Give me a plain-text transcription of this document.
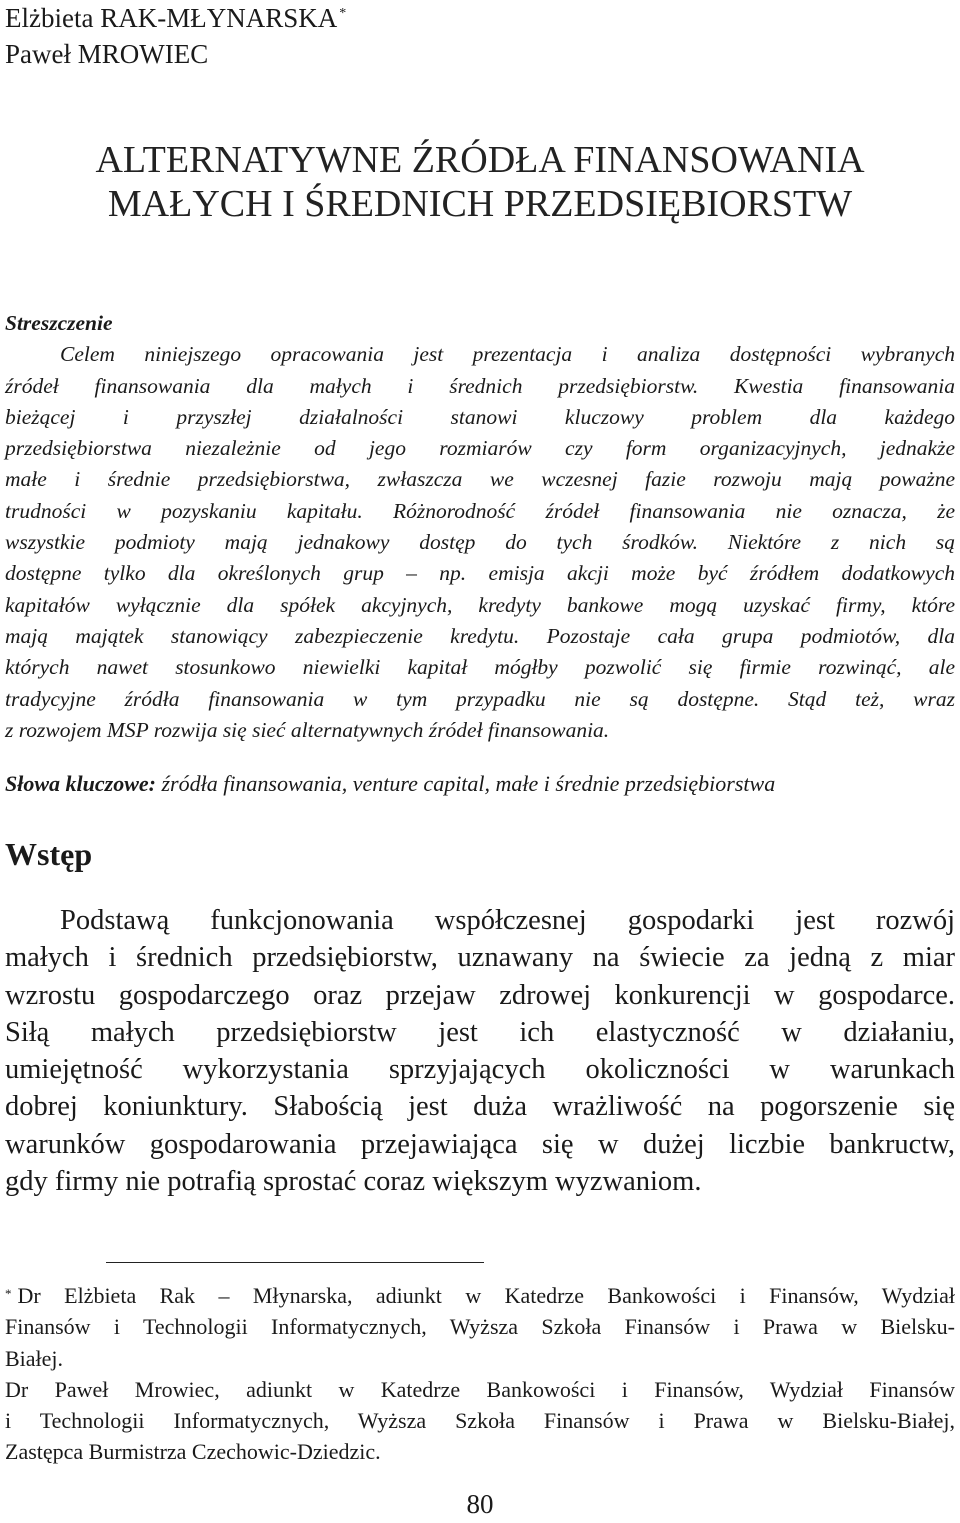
Elżbieta RAK-MŁYNARSKA *
Paweł MROWIEC
ALTERNATYWNE ŹRÓDŁA FINANSOWANIA
MAŁYCH I ŚREDNICH PRZEDSIĘBIORSTW
Streszczenie
Celem niniejszego opracowania jest prezentacja i analiza dostępności wybranych
źródeł finansowania dla małych i średnich przedsiębiorstw. Kwestia finansowania
bieżącej i przyszłej działalności stanowi kluczowy problem dla każdego
przedsiębiorstwa niezależnie od jego rozmiarów czy form organizacyjnych, jednakże
małe i średnie przedsiębiorstwa, zwłaszcza we wczesnej fazie rozwoju mają poważne
trudności w pozyskaniu kapitału. Różnorodność źródeł finansowania nie oznacza, że
wszystkie podmioty mają jednakowy dostęp do tych środków. Niektóre z nich są
dostępne tylko dla określonych grup – np. emisja akcji może być źródłem dodatkowych
kapitałów wyłącznie dla spółek akcyjnych, kredyty bankowe mogą uzyskać firmy, które
mają majątek stanowiący zabezpieczenie kredytu. Pozostaje cała grupa podmiotów, dla
których nawet stosunkowo niewielki kapitał mógłby pozwolić się firmie rozwinąć, ale
tradycyjne źródła finansowania w tym przypadku nie są dostępne. Stąd też, wraz
z rozwojem MSP rozwija się sieć alternatywnych źródeł finansowania.
Słowa kluczowe: źródła finansowania, venture capital, małe i średnie przedsiębiorstwa
Wstęp
Podstawą funkcjonowania współczesnej gospodarki jest rozwój
małych i średnich przedsiębiorstw, uznawany na świecie za jedną z miar
wzrostu gospodarczego oraz przejaw zdrowej konkurencji w gospodarce.
Siłą małych przedsiębiorstw jest ich elastyczność w działaniu,
umiejętność wykorzystania sprzyjających okoliczności w warunkach
dobrej koniunktury. Słabością jest duża wrażliwość na pogorszenie się
warunków gospodarowania przejawiająca się w dużej liczbie bankructw,
gdy firmy nie potrafią sprostać coraz większym wyzwaniom.
* Dr Elżbieta Rak – Młynarska, adiunkt w Katedrze Bankowości i Finansów, Wydział
Finansów i Technologii Informatycznych, Wyższa Szkoła Finansów i Prawa w Bielsku-
Białej.
Dr Paweł Mrowiec, adiunkt w Katedrze Bankowości i Finansów, Wydział Finansów
i Technologii Informatycznych, Wyższa Szkoła Finansów i Prawa w Bielsku-Białej,
Zastępca Burmistrza Czechowic-Dziedzic.
80
